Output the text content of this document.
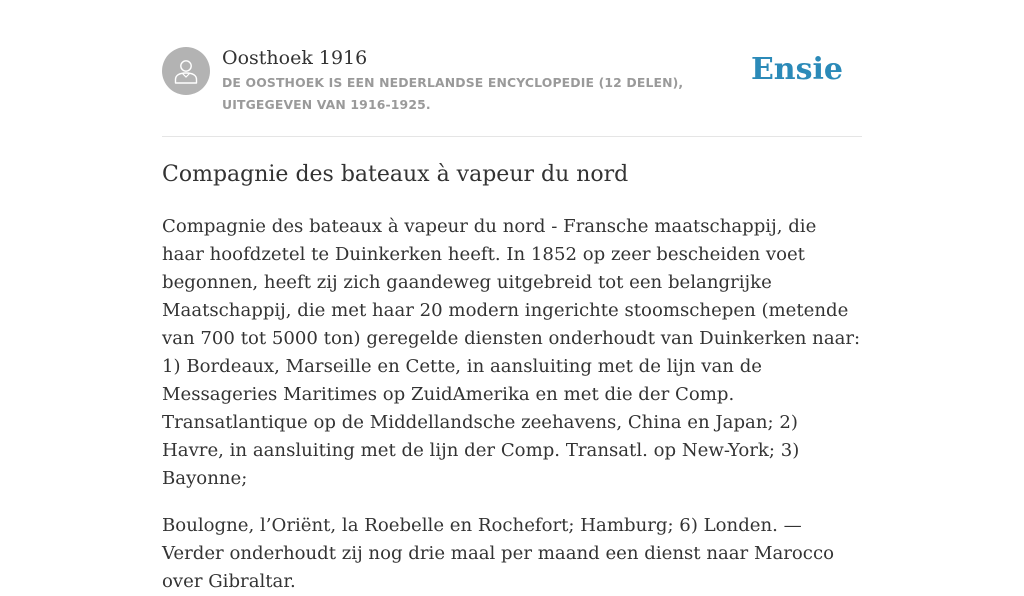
Oosthoek 1916

DE OOSTHOEK IS EEN NEDERLANDSE ENCYCLOPEDIE (12 DELEN), UITGEGEVEN VAN 1916-1925.

Ensie
Compagnie des bateaux à vapeur du nord

Compagnie des bateaux à vapeur du nord - Fransche maatschappij, die haar hoofdzetel te Duinkerken heeft. In 1852 op zeer bescheiden voet begonnen, heeft zij zich gaandeweg uitgebreid tot een belangrijke Maatschappij, die met haar 20 modern ingerichte stoomschepen (metende van 700 tot 5000 ton) geregelde diensten onderhoudt van Duinkerken naar: 1) Bordeaux, Marseille en Cette, in aansluiting met de lijn van de Messageries Maritimes op ZuidAmerika en met die der Comp. Transatlantique op de Middellandsche zeehavens, China en Japan; 2) Havre, in aansluiting met de lijn der Comp. Transatl. op New-York; 3) Bayonne;

Boulogne, l’Oriënt, la Roebelle en Rochefort; Hamburg; 6) Londen. — Verder onderhoudt zij nog drie maal per maand een dienst naar Marocco over Gibraltar.
